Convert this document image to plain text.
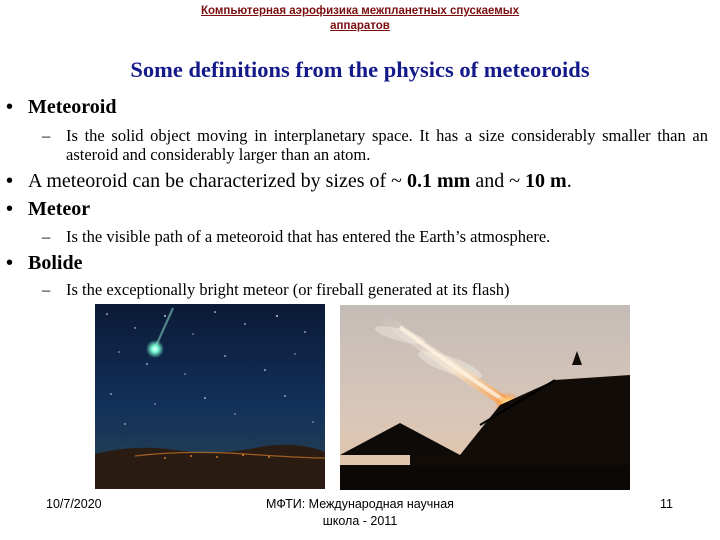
Компьютерная аэрофизика межпланетных спускаемых
аппаратов
Some definitions from the physics of meteoroids
• Meteoroid
– Is the solid object moving in interplanetary space. It has a size considerably smaller than an asteroid and considerably larger than an atom.
• A meteoroid can be characterized by sizes of ~ 0.1 mm and ~ 10 m.
• Meteor
– Is the visible path of a meteoroid that has entered the Earth’s atmosphere.
• Bolide
– Is the exceptionally bright meteor (or fireball generated at its flash)
10/7/2020	МФТИ: Международная научная
школа - 2011
11
